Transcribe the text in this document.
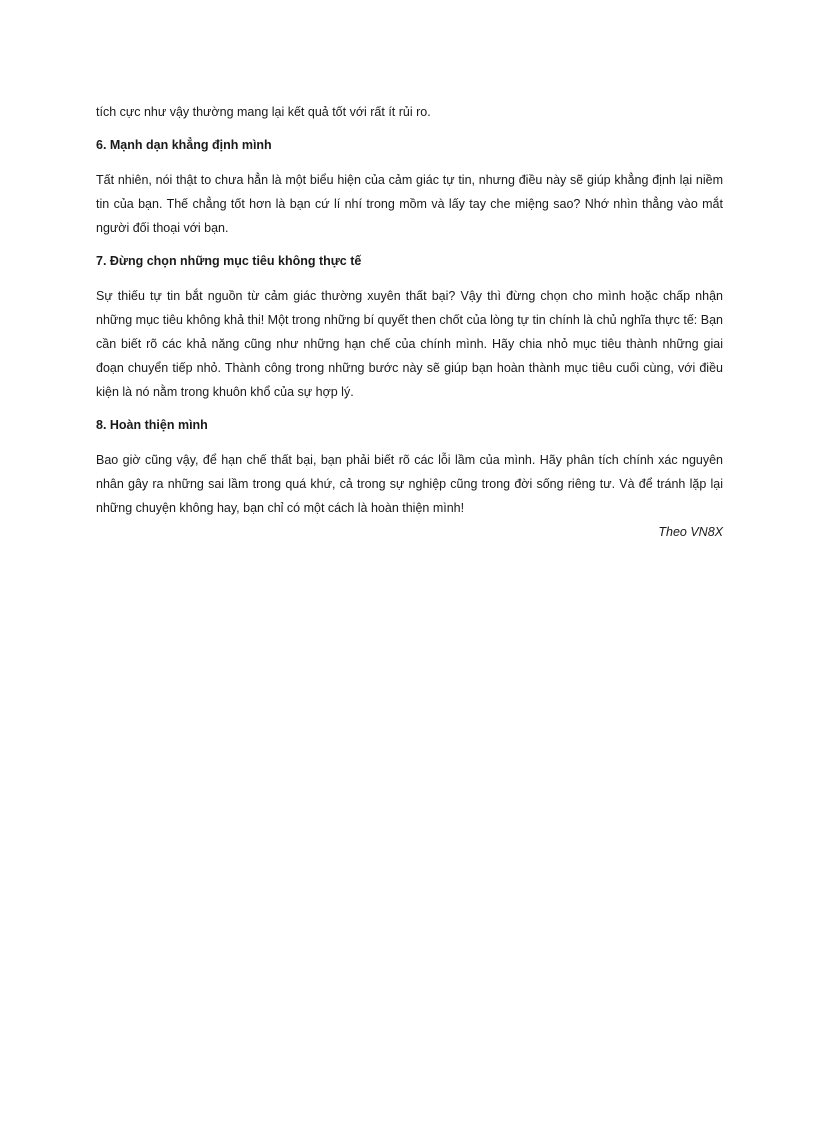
tích cực như vậy thường mang lại kết quả tốt với rất ít rủi ro.

6. Mạnh dạn khẳng định mình

Tất nhiên, nói thật to chưa hẳn là một biểu hiện của cảm giác tự tin, nhưng điều này sẽ giúp khẳng định lại niềm tin của bạn. Thế chẳng tốt hơn là bạn cứ lí nhí trong mồm và lấy tay che miệng sao? Nhớ nhìn thẳng vào mắt người đối thoại với bạn.

7. Đừng chọn những mục tiêu không thực tế

Sự thiếu tự tin bắt nguồn từ cảm giác thường xuyên thất bại? Vậy thì đừng chọn cho mình hoặc chấp nhận những mục tiêu không khả thi! Một trong những bí quyết then chốt của lòng tự tin chính là chủ nghĩa thực tế: Bạn cần biết rõ các khả năng cũng như những hạn chế của chính mình. Hãy chia nhỏ mục tiêu thành những giai đoạn chuyển tiếp nhỏ. Thành công trong những bước này sẽ giúp bạn hoàn thành mục tiêu cuối cùng, với điều kiện là nó nằm trong khuôn khổ của sự hợp lý.

8. Hoàn thiện mình

Bao giờ cũng vậy, để hạn chế thất bại, bạn phải biết rõ các lỗi lầm của mình. Hãy phân tích chính xác nguyên nhân gây ra những sai lầm trong quá khứ, cả trong sự nghiệp cũng trong đời sống riêng tư. Và để tránh lặp lại những chuyện không hay, bạn chỉ có một cách là hoàn thiện mình!

Theo VN8X
